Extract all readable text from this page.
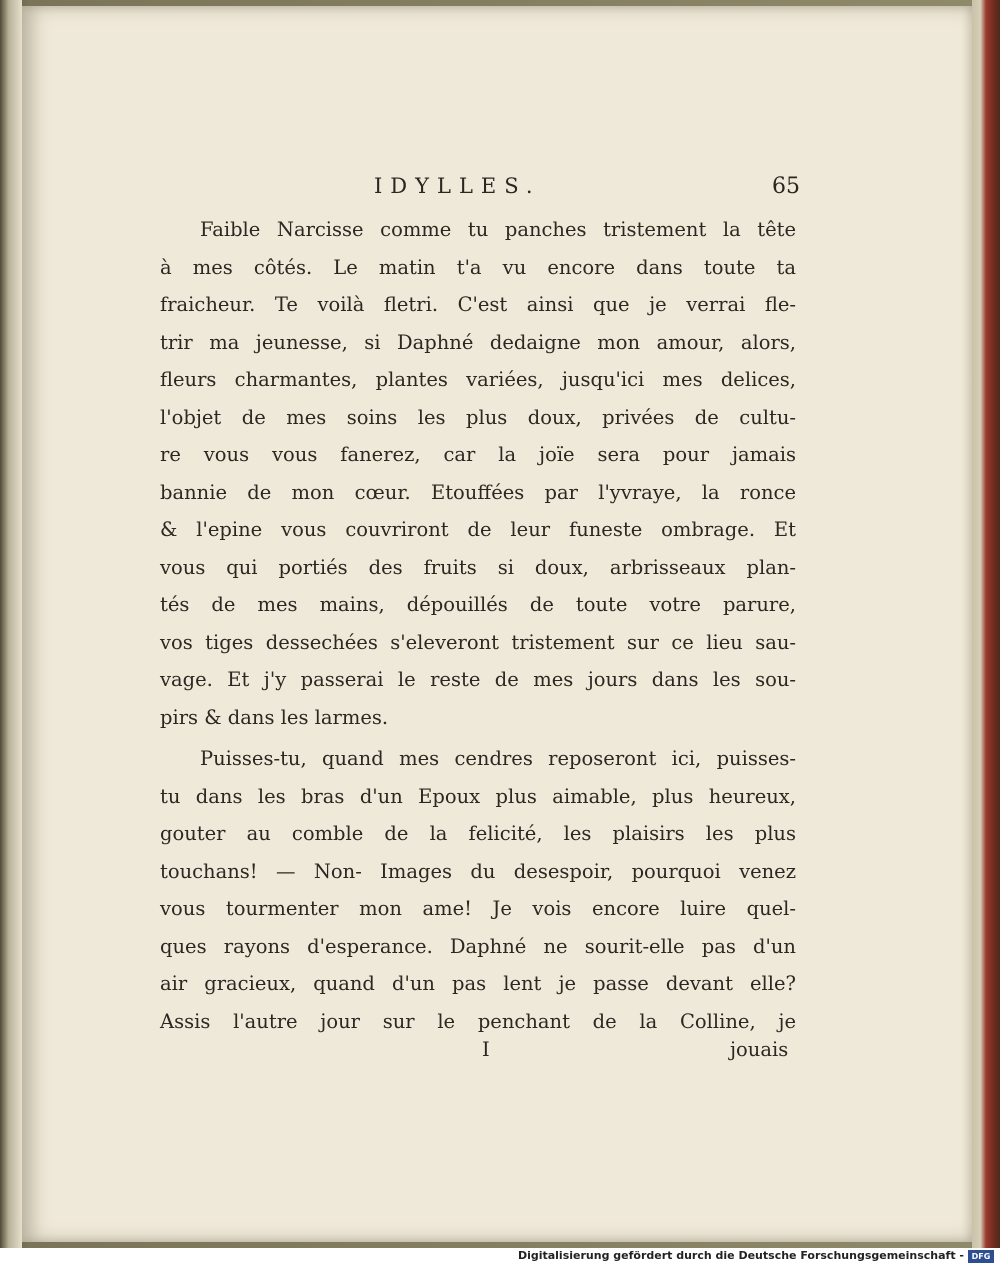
IDYLLES.	65
Faible Narcisse comme tu panches tristement la tête
à mes côtés. Le matin t'a vu encore dans toute ta
fraicheur. Te voilà fletri. C'est ainsi que je verrai fle-
trir ma jeunesse, si Daphné dedaigne mon amour, alors,
fleurs charmantes, plantes variées, jusqu'ici mes delices,
l'objet de mes soins les plus doux, privées de cultu-
re vous vous fanerez, car la joïe sera pour jamais
bannie de mon cœur. Etouffées par l'yvraye, la ronce
& l'epine vous couvriront de leur funeste ombrage. Et
vous qui portiés des fruits si doux, arbrisseaux plan-
tés de mes mains, dépouillés de toute votre parure,
vos tiges dessechées s'eleveront tristement sur ce lieu sau-
vage. Et j'y passerai le reste de mes jours dans les sou-
pirs & dans les larmes.
Puisses-tu, quand mes cendres reposeront ici, puisses-
tu dans les bras d'un Epoux plus aimable, plus heureux,
gouter au comble de la felicité, les plaisirs les plus
touchans! — Non- Images du desespoir, pourquoi venez
vous tourmenter mon ame! Je vois encore luire quel-
ques rayons d'esperance. Daphné ne sourit-elle pas d'un
air gracieux, quand d'un pas lent je passe devant elle?
Assis l'autre jour sur le penchant de la Colline, je
I	jouais
Digitalisierung gefördert durch die Deutsche Forschungsgemeinschaft - DFG
